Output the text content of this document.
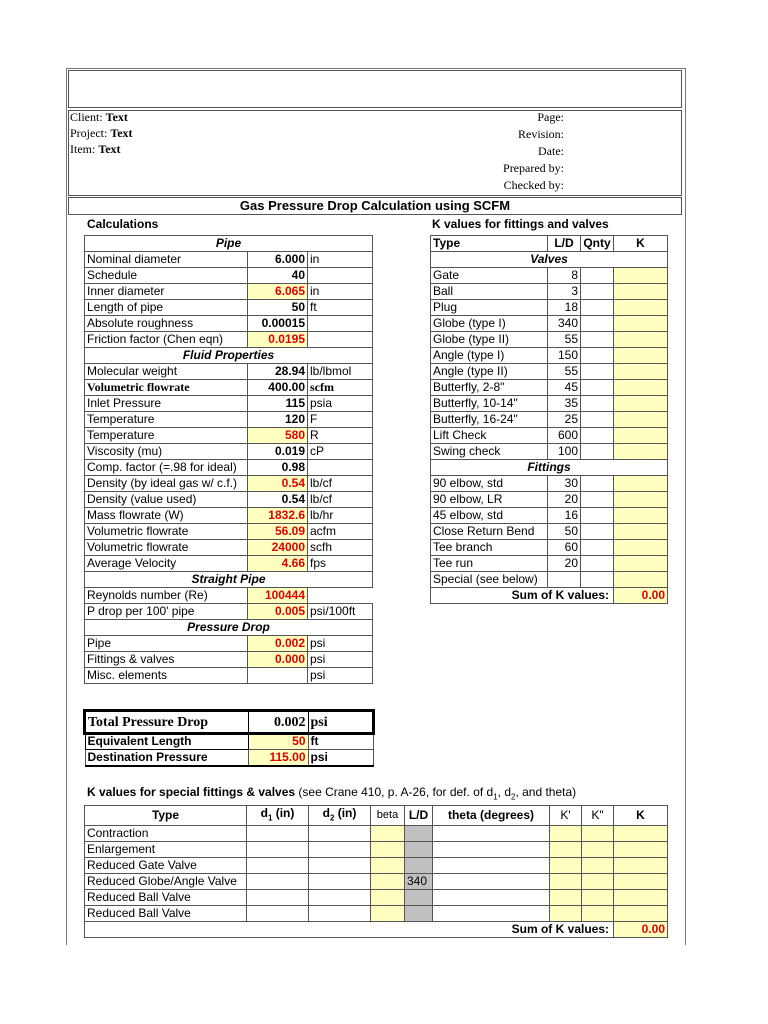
Client: Text
Project: Text
Item: Text
Page:
Revision:
Date:
Prepared by:
Checked by:
Gas Pressure Drop Calculation using SCFM
Calculations	K values for fittings and valves
Pipe		
Nominal diameter	6.000	in
Schedule	40	
Inner diameter	6.065	in
Length of pipe	50	ft
Absolute roughness	0.00015	
Friction factor (Chen eqn)	0.0195	
Fluid Properties		
Molecular weight	28.94	lb/lbmol
Volumetric flowrate	400.00	scfm
Inlet Pressure	115	psia
Temperature	120	F
Temperature	580	R
Viscosity (mu)	0.019	cP
Comp. factor (=.98 for ideal)	0.98	
Density (by ideal gas w/ c.f.)	0.54	lb/cf
Density (value used)	0.54	lb/cf
Mass flowrate (W)	1832.6	lb/hr
Volumetric flowrate	56.09	acfm
Volumetric flowrate	24000	scfh
Average Velocity	4.66	fps
Straight Pipe		
Reynolds number (Re)	100444	
P drop per 100' pipe	0.005	psi/100ft
Pressure Drop		
Pipe	0.002	psi
Fittings & valves	0.000	psi
Misc. elements		psi
Total Pressure Drop	0.002	psi
Equivalent Length	50	ft
Destination Pressure	115.00	psi
Type	L/D	Qnty	K
Valves			
Gate	8		
Ball	3		
Plug	18		
Globe (type I)	340		
Globe (type II)	55		
Angle (type I)	150		
Angle (type II)	55		
Butterfly, 2-8"	45		
Butterfly, 10-14"	35		
Butterfly, 16-24"	25		
Lift Check	600		
Swing check	100		
Fittings			
90 elbow, std	30		
90 elbow, LR	20		
45 elbow, std	16		
Close Return Bend	50		
Tee branch	60		
Tee run	20		
Special (see below)			
Sum of K values:			0.00
K values for special fittings & valves (see Crane 410, p. A-26, for def. of $d_1$, $d_2$, and theta)
Type	$d_1$ (in)	$d_2$ (in)	beta	L/D	theta (degrees)	K'	K"	K
Contraction								
Enlargement								
Reduced Gate Valve								
Reduced Globe/Angle Valve				340				
Reduced Ball Valve								
Reduced Ball Valve								
Sum of K values:								0.00
